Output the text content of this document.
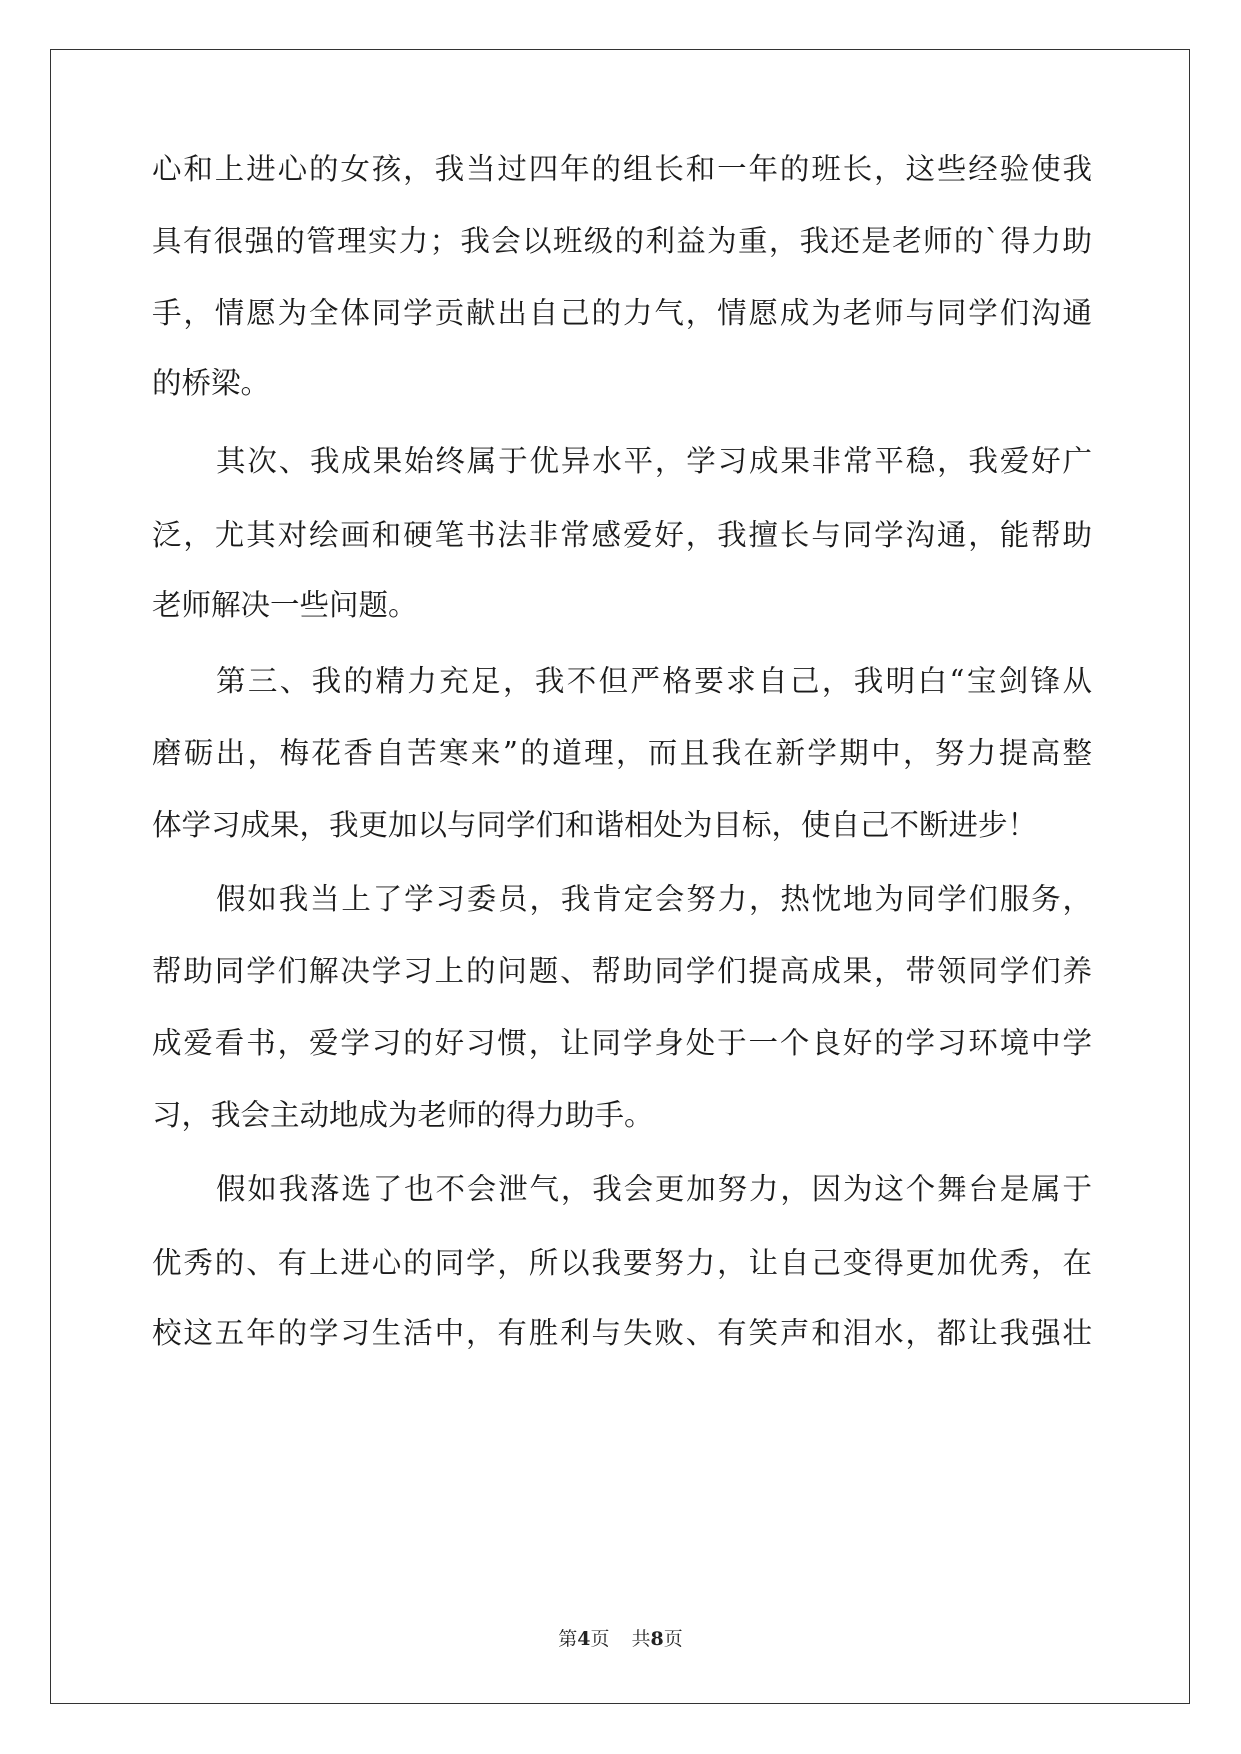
心和上进心的女孩，我当过四年的组长和一年的班长，这些经验使我
具有很强的管理实力；我会以班级的利益为重，我还是老师的`得力助
手，情愿为全体同学贡献出自己的力气，情愿成为老师与同学们沟通
的桥梁。
其次、我成果始终属于优异水平，学习成果非常平稳，我爱好广
泛，尤其对绘画和硬笔书法非常感爱好，我擅长与同学沟通，能帮助
老师解决一些问题。
第三、我的精力充足，我不但严格要求自己，我明白“宝剑锋从
磨砺出，梅花香自苦寒来”的道理，而且我在新学期中，努力提高整
体学习成果，我更加以与同学们和谐相处为目标，使自己不断进步！
假如我当上了学习委员，我肯定会努力，热忱地为同学们服务，
帮助同学们解决学习上的问题、帮助同学们提高成果，带领同学们养
成爱看书，爱学习的好习惯，让同学身处于一个良好的学习环境中学
习，我会主动地成为老师的得力助手。
假如我落选了也不会泄气，我会更加努力，因为这个舞台是属于
优秀的、有上进心的同学，所以我要努力，让自己变得更加优秀，在
校这五年的学习生活中，有胜利与失败、有笑声和泪水，都让我强壮
第4页 共8页
